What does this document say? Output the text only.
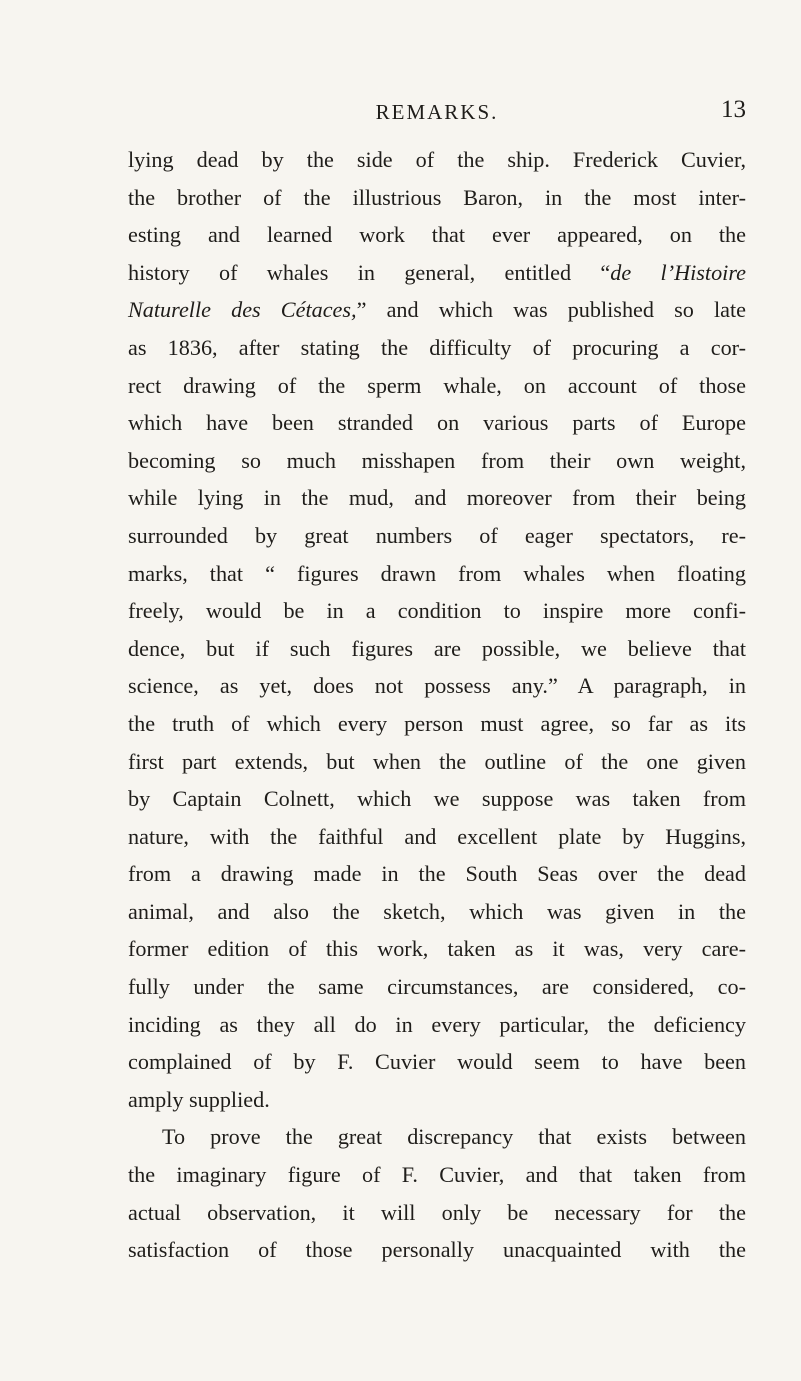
REMARKS.	13
lying dead by the side of the ship. Frederick Cuvier,
the brother of the illustrious Baron, in the most inter-
esting and learned work that ever appeared, on the
history of whales in general, entitled “de l’Histoire
Naturelle des Cétaces,” and which was published so late
as 1836, after stating the difficulty of procuring a cor-
rect drawing of the sperm whale, on account of those
which have been stranded on various parts of Europe
becoming so much misshapen from their own weight,
while lying in the mud, and moreover from their being
surrounded by great numbers of eager spectators, re-
marks, that “ figures drawn from whales when floating
freely, would be in a condition to inspire more confi-
dence, but if such figures are possible, we believe that
science, as yet, does not possess any.” A paragraph, in
the truth of which every person must agree, so far as its
first part extends, but when the outline of the one given
by Captain Colnett, which we suppose was taken from
nature, with the faithful and excellent plate by Huggins,
from a drawing made in the South Seas over the dead
animal, and also the sketch, which was given in the
former edition of this work, taken as it was, very care-
fully under the same circumstances, are considered, co-
inciding as they all do in every particular, the deficiency
complained of by F. Cuvier would seem to have been
amply supplied.
To prove the great discrepancy that exists between
the imaginary figure of F. Cuvier, and that taken from
actual observation, it will only be necessary for the
satisfaction of those personally unacquainted with the
